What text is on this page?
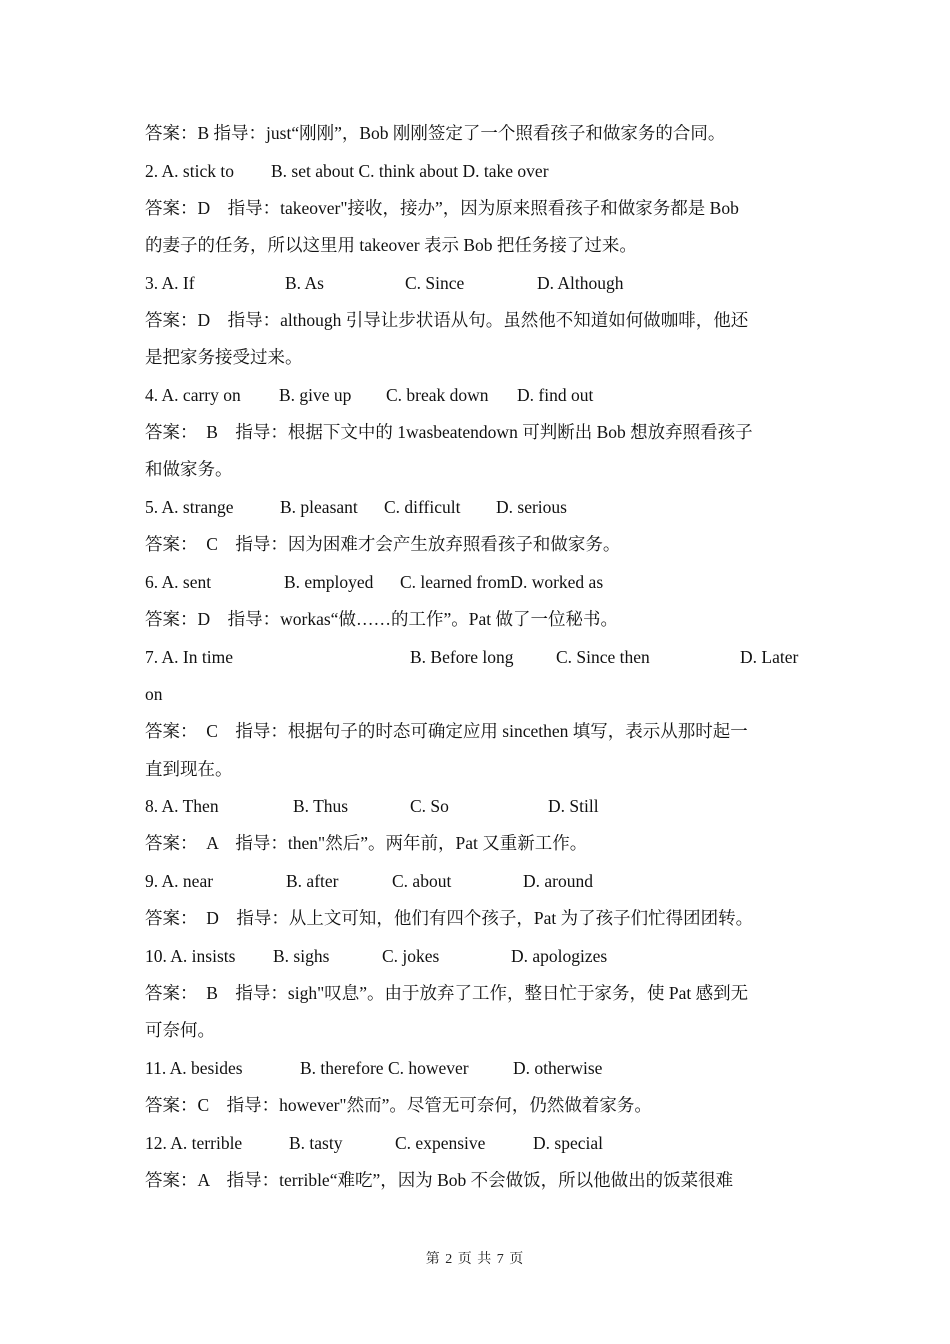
答案：B 指导：just“刚刚”，Bob 刚刚签定了一个照看孩子和做家务的合同。
2. A. stick to B. set about C. think about D. take over
答案：D　指导：takeover"接收，接办”，因为原来照看孩子和做家务都是 Bob
的妻子的任务，所以这里用 takeover 表示 Bob 把任务接了过来。
3. A. If	B. As	C. Since	D. Although
答案：D　指导：although 引导让步状语从句。虽然他不知道如何做咖啡，他还
是把家务接受过来。
4. A. carry on B. give up C. break down D. find out
答案：　B　指导：根据下文中的 1wasbeatendown 可判断出 Bob 想放弃照看孩子
和做家务。
5. A. strange	B. pleasant C. difficult D. serious
答案：　C　指导：因为困难才会产生放弃照看孩子和做家务。
6. A. sent	B. employed C. learned fromD. worked as
答案：D　指导：workas“做……的工作”。Pat 做了一位秘书。
7. A. In time	B. Before long C. Since then	D. Later
on
答案：　C　指导：根据句子的时态可确定应用 sincethen 填写，表示从那时起一
直到现在。
8. A. Then	B. Thus	C. So	D. Still
答案：　A　指导：then"然后”。两年前，Pat 又重新工作。
9. A. near	B. after	C. about	D. around
答案：　D　指导：从上文可知，他们有四个孩子，Pat 为了孩子们忙得团团转。
10. A. insists B. sighs	C. jokes	D. apologizes
答案：　B　指导：sigh"叹息”。由于放弃了工作，整日忙于家务，使 Pat 感到无
可奈何。
11. A. besides	B. therefore C. however	D. otherwise
答案：C　指导：however"然而”。尽管无可奈何，仍然做着家务。
12. A. terrible	B. tasty	C. expensive	D. special
答案：A　指导：terrible“难吃”，因为 Bob 不会做饭，所以他做出的饭菜很难
第 2 页 共 7 页
